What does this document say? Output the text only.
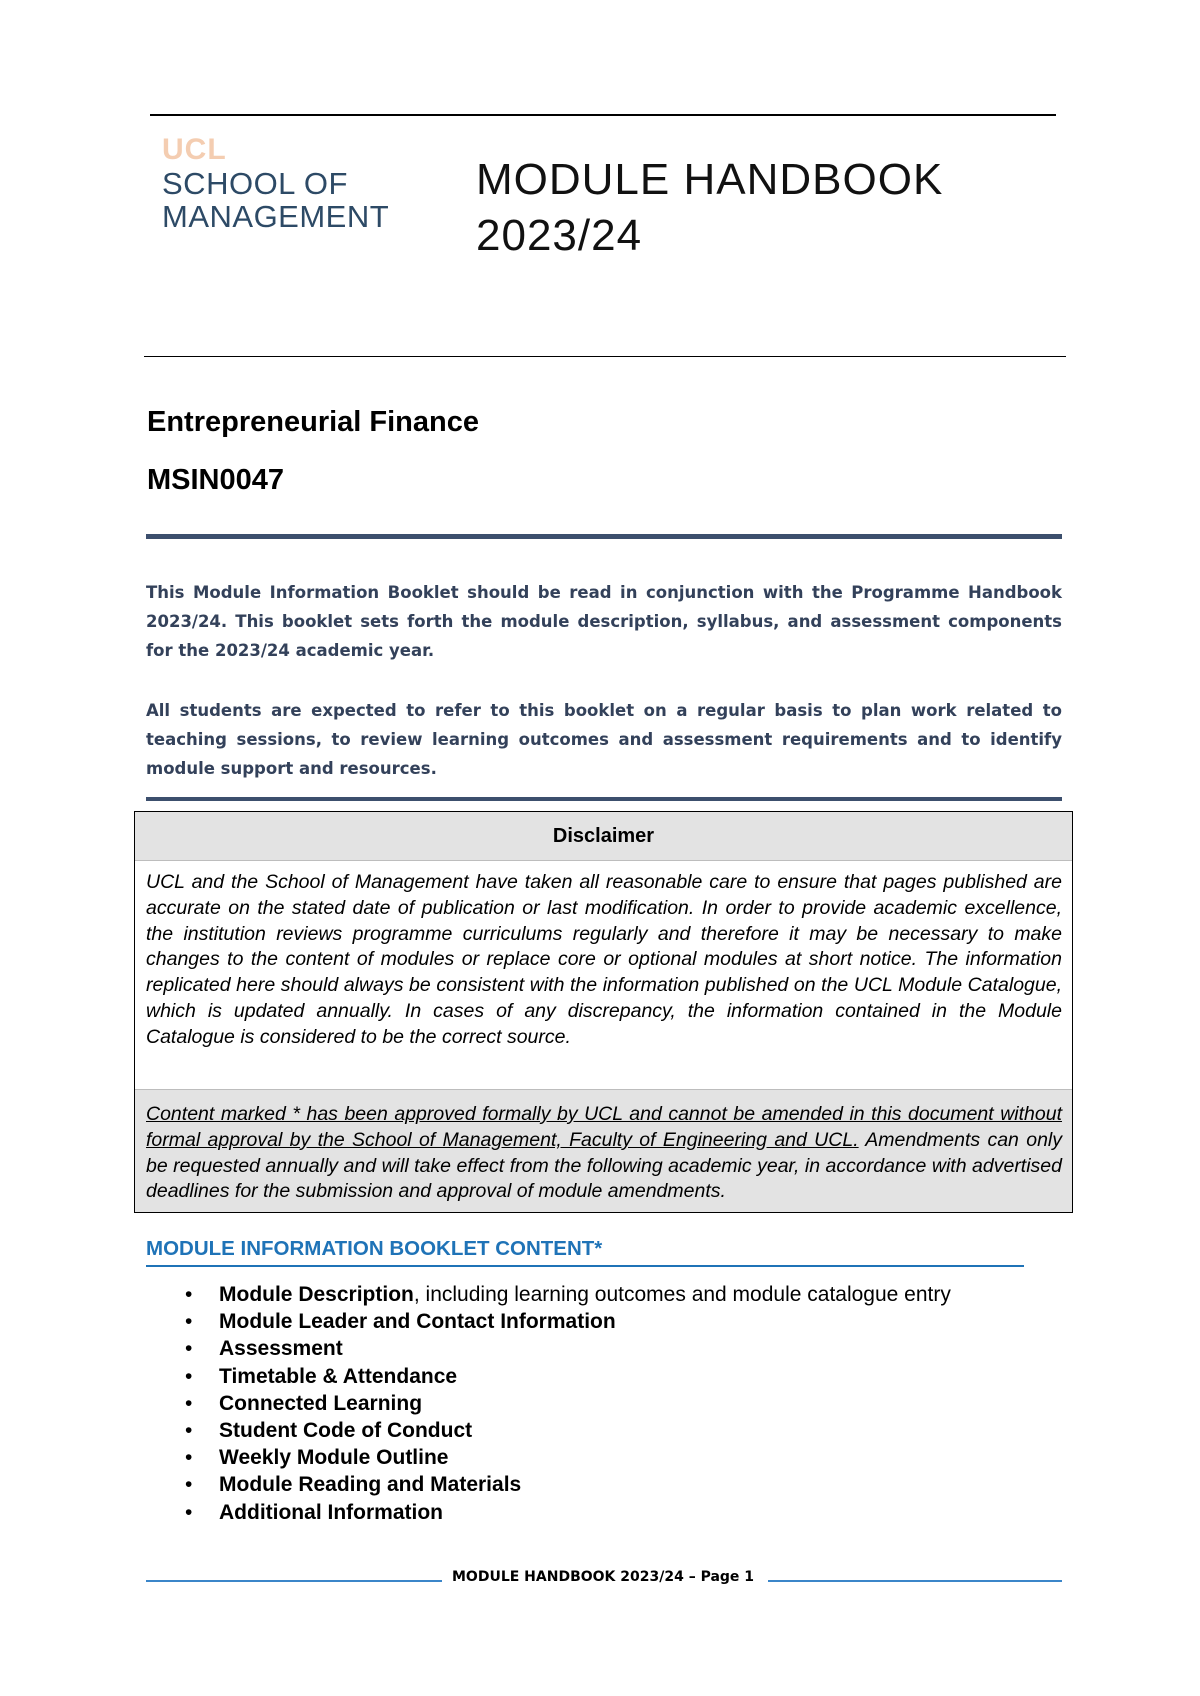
UCL
SCHOOL OF
MANAGEMENT
MODULE HANDBOOK
2023/24
Entrepreneurial Finance
MSIN0047
This Module Information Booklet should be read in conjunction with the Programme Handbook 2023/24. This booklet sets forth the module description, syllabus, and assessment components for the 2023/24 academic year.
All students are expected to refer to this booklet on a regular basis to plan work related to teaching sessions, to review learning outcomes and assessment requirements and to identify module support and resources.
Disclaimer
UCL and the School of Management have taken all reasonable care to ensure that pages published are accurate on the stated date of publication or last modification. In order to provide academic excellence, the institution reviews programme curriculums regularly and therefore it may be necessary to make changes to the content of modules or replace core or optional modules at short notice. The information replicated here should always be consistent with the information published on the UCL Module Catalogue, which is updated annually. In cases of any discrepancy, the information contained in the Module Catalogue is considered to be the correct source.
Content marked * has been approved formally by UCL and cannot be amended in this document without formal approval by the School of Management, Faculty of Engineering and UCL. Amendments can only be requested annually and will take effect from the following academic year, in accordance with advertised deadlines for the submission and approval of module amendments.
MODULE INFORMATION BOOKLET CONTENT*
• Module Description, including learning outcomes and module catalogue entry
• Module Leader and Contact Information
• Assessment
• Timetable & Attendance
• Connected Learning
• Student Code of Conduct
• Weekly Module Outline
• Module Reading and Materials
• Additional Information
MODULE HANDBOOK 2023/24 – Page 1
